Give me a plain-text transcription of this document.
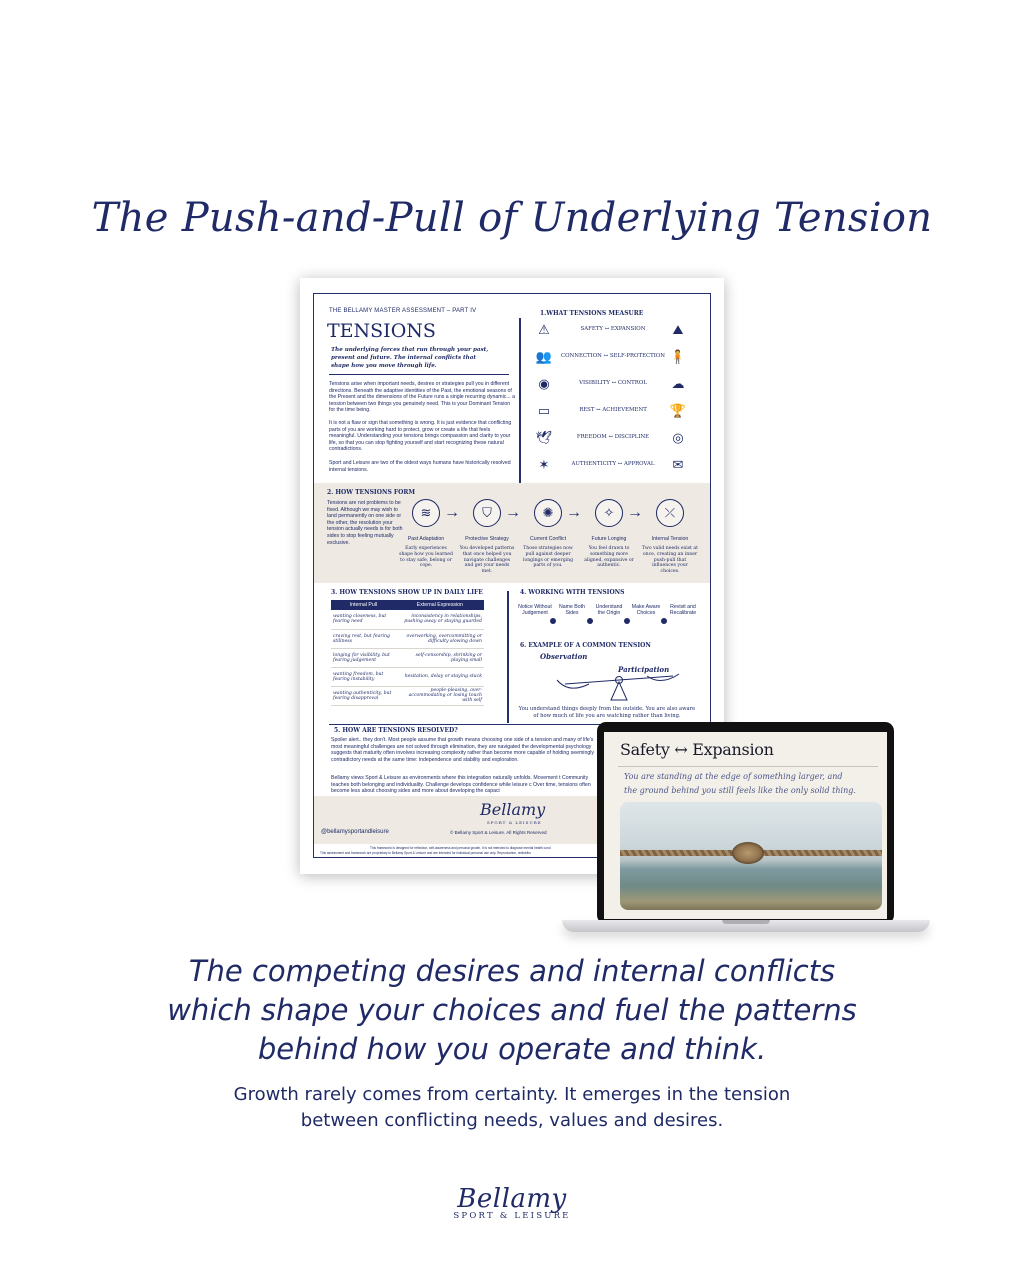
The Push-and-Pull of Underlying Tension
THE BELLAMY MASTER ASSESSMENT – PART IV
TENSIONS
The underlying forces that run through your past,
present and future. The internal conflicts that
shape how you move through life.
Tensions arise when important needs, desires or strategies pull you in different directions. Beneath the adaptive identities of the Past, the emotional seasons of the Present and the dimensions of the Future runs a single recurring dynamic... a tension between two things you genuinely need. This is your Dominant Tension for the time being.
It is not a flaw or sign that something is wrong. It is just evidence that conflicting parts of you are working hard to protect, grow or create a life that feels meaningful. Understanding your tensions brings compassion and clarity to your life, so that you can stop fighting yourself and start recognizing these natural contradictions.
Sport and Leisure are two of the oldest ways humans have historically resolved internal tensions.
1.WHAT TENSIONS MEASURE
⚠	SAFETY ↔ EXPANSION	⛰
👥	CONNECTION ↔ SELF-PROTECTION 🧍
◉	VISIBILITY ↔ CONTROL	☁
▭	REST ↔ ACHIEVEMENT	🏆
🕊	FREEDOM ↔ DISCIPLINE	◎
✶	AUTHENTICITY ↔ APPROVAL	✉
2. HOW TENSIONS FORM
Tensions are not problems to be fixed. Although we may wish to land permanently on one side or the other, the resolution your tension actually needs is for both sides to stop feeling mutually exclusive.
≋
Past Adaptation
Early experiences shape how you learned to stay safe, belong or cope.
→	⛉
Protective Strategy
You developed patterns that once helped you navigate challenges and get your needs met.
→	✺
Current Conflict
Those strategies now pull against deeper longings or emerging parts of you.
→	✧
Future Longing
You feel drawn to something more aligned, expansive or authentic.
→	⤫
Internal Tension
Two valid needs exist at once, creating an inner push-pull that influences your choices.
3. HOW TENSIONS SHOW UP IN DAILY LIFE
Internal Pull	External Expression
wanting closeness, but fearing need	inconsistency in relationships, pushing away or staying guarded
craving rest, but fearing stillness	overworking, overcommitting or difficulty slowing down
longing for visibility, but fearing judgement	self-censorship, shrinking or playing small
wanting freedom, but fearing instability	hesitation, delay or staying stuck
wanting authenticity, but fearing disapproval	people-pleasing, over-accommodating or losing touch with self
4. WORKING WITH TENSIONS
Notice Without Judgement
Name Both Sides
Understand the Origin
Make Aware Choices
Revisit and Recalibrate
6. EXAMPLE OF A COMMON TENSION
Observation
Participation
You understand things deeply from the outside. You are also aware of how much of life you are watching rather than living.
5. HOW ARE TENSIONS RESOLVED?
Spoiler alert.. they don't. Most people assume that growth means choosing one side of a tension and many of life's most meaningful challenges are not solved through elimination, they are navigated the developmental psychology suggests that maturity often involves increasing complexity rather than become more capable of holding seemingly contradictory needs at the same time: independence and stability and exploration.
Bellamy views Sport & Leisure as environments where this integration naturally unfolds. Movement t Community teaches both belonging and individuality. Challenge develops confidence while leisure c Over time, tensions often become less about choosing sides and more about developing the capaci
Bellamy
SPORT & LEISURE
@bellamysportandleisure	© Bellamy Sport & Leisure. All Rights Reserved
This framework is designed for reflection, self-awareness and personal growth. It is not intended to diagnose mental health cond
This assessment and framework are proprietary to Bellamy Sport & Leisure and are intended for individual personal use only. Reproduction, redistribu
Safety ↔ Expansion
You are standing at the edge of something larger, and
the ground behind you still feels like the only solid thing.
The competing desires and internal conflicts
which shape your choices and fuel the patterns
behind how you operate and think.
Growth rarely comes from certainty. It emerges in the tension
between conflicting needs, values and desires.
Bellamy
SPORT & LEISURE
